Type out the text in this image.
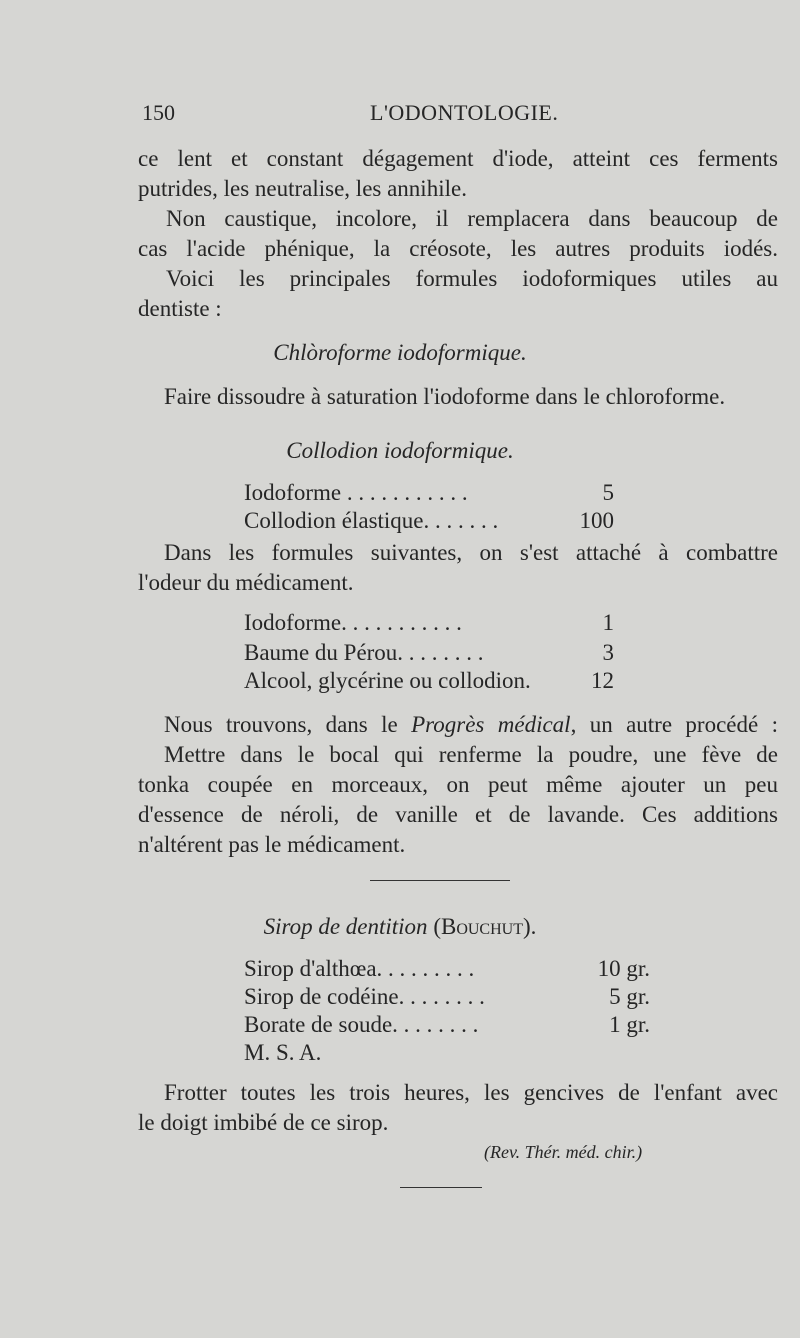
150	L'ODONTOLOGIE.
ce lent et constant dégagement d'iode, atteint ces ferments
putrides, les neutralise, les annihile.
Non caustique, incolore, il remplacera dans beaucoup de
cas l'acide phénique, la créosote, les autres produits iodés.
Voici les principales formules iodoformiques utiles au
dentiste :
Chlòroforme iodoformique.
Faire dissoudre à saturation l'iodoforme dans le chloroforme.
Collodion iodoformique.
Iodoforme . . . . . . . . . . .	5
Collodion élastique. . . . . . .	100
Dans les formules suivantes, on s'est attaché à combattre
l'odeur du médicament.
Iodoforme. . . . . . . . . . .	1
Baume du Pérou. . . . . . . .	3
Alcool, glycérine ou collodion.	12
Nous trouvons, dans le Progrès médical, un autre procédé :
Mettre dans le bocal qui renferme la poudre, une fève de
tonka coupée en morceaux, on peut même ajouter un peu
d'essence de néroli, de vanille et de lavande. Ces additions
n'altérent pas le médicament.
Sirop de dentition (Bouchut).
Sirop d'althœa. . . . . . . . .	10 gr.
Sirop de codéine. . . . . . . .	5 gr.
Borate de soude. . . . . . . .	1 gr.
M. S. A.
Frotter toutes les trois heures, les gencives de l'enfant avec
le doigt imbibé de ce sirop.
(Rev. Thér. méd. chir.)
